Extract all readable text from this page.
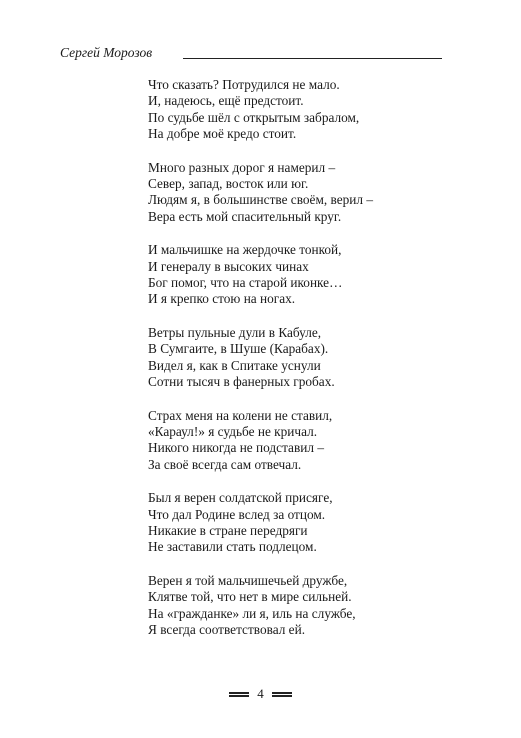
Сергей Морозов
Что сказать? Потрудился не мало.
И, надеюсь, ещё предстоит.
По судьбе шёл с открытым забралом,
На добре моё кредо стоит.
Много разных дорог я намерил –
Север, запад, восток или юг.
Людям я, в большинстве своём, верил –
Вера есть мой спасительный круг.
И мальчишке на жердочке тонкой,
И генералу в высоких чинах
Бог помог, что на старой иконке…
И я крепко стою на ногах.
Ветры пульные дули в Кабуле,
В Сумгаите, в Шуше (Карабах).
Видел я, как в Спитаке уснули
Сотни тысяч в фанерных гробах.
Страх меня на колени не ставил,
«Караул!» я судьбе не кричал.
Никого никогда не подставил –
За своё всегда сам отвечал.
Был я верен солдатской присяге,
Что дал Родине вслед за отцом.
Никакие в стране передряги
Не заставили стать подлецом.
Верен я той мальчишечьей дружбе,
Клятве той, что нет в мире сильней.
На «гражданке» ли я, иль на службе,
Я всегда соответствовал ей.
4
